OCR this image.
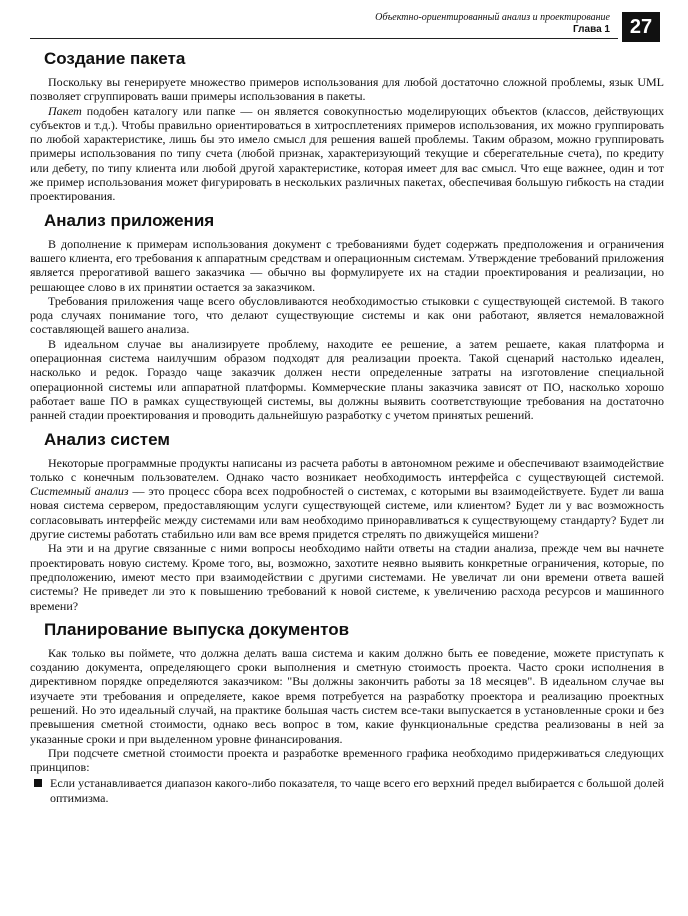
Объектно-ориентированный анализ и проектирование
Глава 1 27
Создание пакета

Поскольку вы генерируете множество примеров использования для любой достаточно сложной проблемы, язык UML позволяет сгруппировать ваши примеры использования в пакеты.

Пакет подобен каталогу или папке — он является совокупностью моделирующих объектов (классов, действующих субъектов и т.д.). Чтобы правильно ориентироваться в хитросплетениях примеров использования, их можно группировать по любой характеристике, лишь бы это имело смысл для решения вашей проблемы. Таким образом, можно группировать примеры использования по типу счета (любой признак, характеризующий текущие и сберегательные счета), по кредиту или дебету, по типу клиента или любой другой характеристике, которая имеет для вас смысл. Что еще важнее, один и тот же пример использования может фигурировать в нескольких различных пакетах, обеспечивая большую гибкость на стадии проектирования.

Анализ приложения

В дополнение к примерам использования документ с требованиями будет содержать предположения и ограничения вашего клиента, его требования к аппаратным средствам и операционным системам. Утверждение требований приложения является прерогативой вашего заказчика — обычно вы формулируете их на стадии проектирования и реализации, но решающее слово в их принятии остается за заказчиком.

Требования приложения чаще всего обусловливаются необходимостью стыковки с существующей системой. В такого рода случаях понимание того, что делают существующие системы и как они работают, является немаловажной составляющей вашего анализа.

В идеальном случае вы анализируете проблему, находите ее решение, а затем решаете, какая платформа и операционная система наилучшим образом подходят для реализации проекта. Такой сценарий настолько идеален, насколько и редок. Гораздо чаще заказчик должен нести определенные затраты на изготовление специальной операционной системы или аппаратной платформы. Коммерческие планы заказчика зависят от ПО, насколько хорошо работает ваше ПО в рамках существующей системы, вы должны выявить соответствующие требования на достаточно ранней стадии проектирования и проводить дальнейшую разработку с учетом принятых решений.

Анализ систем

Некоторые программные продукты написаны из расчета работы в автономном режиме и обеспечивают взаимодействие только с конечным пользователем. Однако часто возникает необходимость интерфейса с существующей системой. Системный анализ — это процесс сбора всех подробностей о системах, с которыми вы взаимодействуете. Будет ли ваша новая система сервером, предоставляющим услуги существующей системе, или клиентом? Будет ли у вас возможность согласовывать интерфейс между системами или вам необходимо приноравливаться к существующему стандарту? Будет ли другие системы работать стабильно или вам все время придется стрелять по движущейся мишени?

На эти и на другие связанные с ними вопросы необходимо найти ответы на стадии анализа, прежде чем вы начнете проектировать новую систему. Кроме того, вы, возможно, захотите неявно выявить конкретные ограничения, которые, по предположению, имеют место при взаимодействии с другими системами. Не увеличат ли они времени ответа вашей системы? Не приведет ли это к повышению требований к новой системе, к увеличению расхода ресурсов и машинного времени?

Планирование выпуска документов

Как только вы поймете, что должна делать ваша система и каким должно быть ее поведение, можете приступать к созданию документа, определяющего сроки выполнения и сметную стоимость проекта. Часто сроки исполнения в директивном порядке определяются заказчиком: "Вы должны закончить работы за 18 месяцев". В идеальном случае вы изучаете эти требования и определяете, какое время потребуется на разработку проектора и реализацию проектных решений. Но это идеальный случай, на практике большая часть систем все-таки выпускается в установленные сроки и без превышения сметной стоимости, однако весь вопрос в том, какие функциональные средства реализованы в ней за указанные сроки и при выделенном уровне финансирования.

При подсчете сметной стоимости проекта и разработке временного графика необходимо придерживаться следующих принципов:

Если устанавливается диапазон какого-либо показателя, то чаще всего его верхний предел выбирается с большой долей оптимизма.
